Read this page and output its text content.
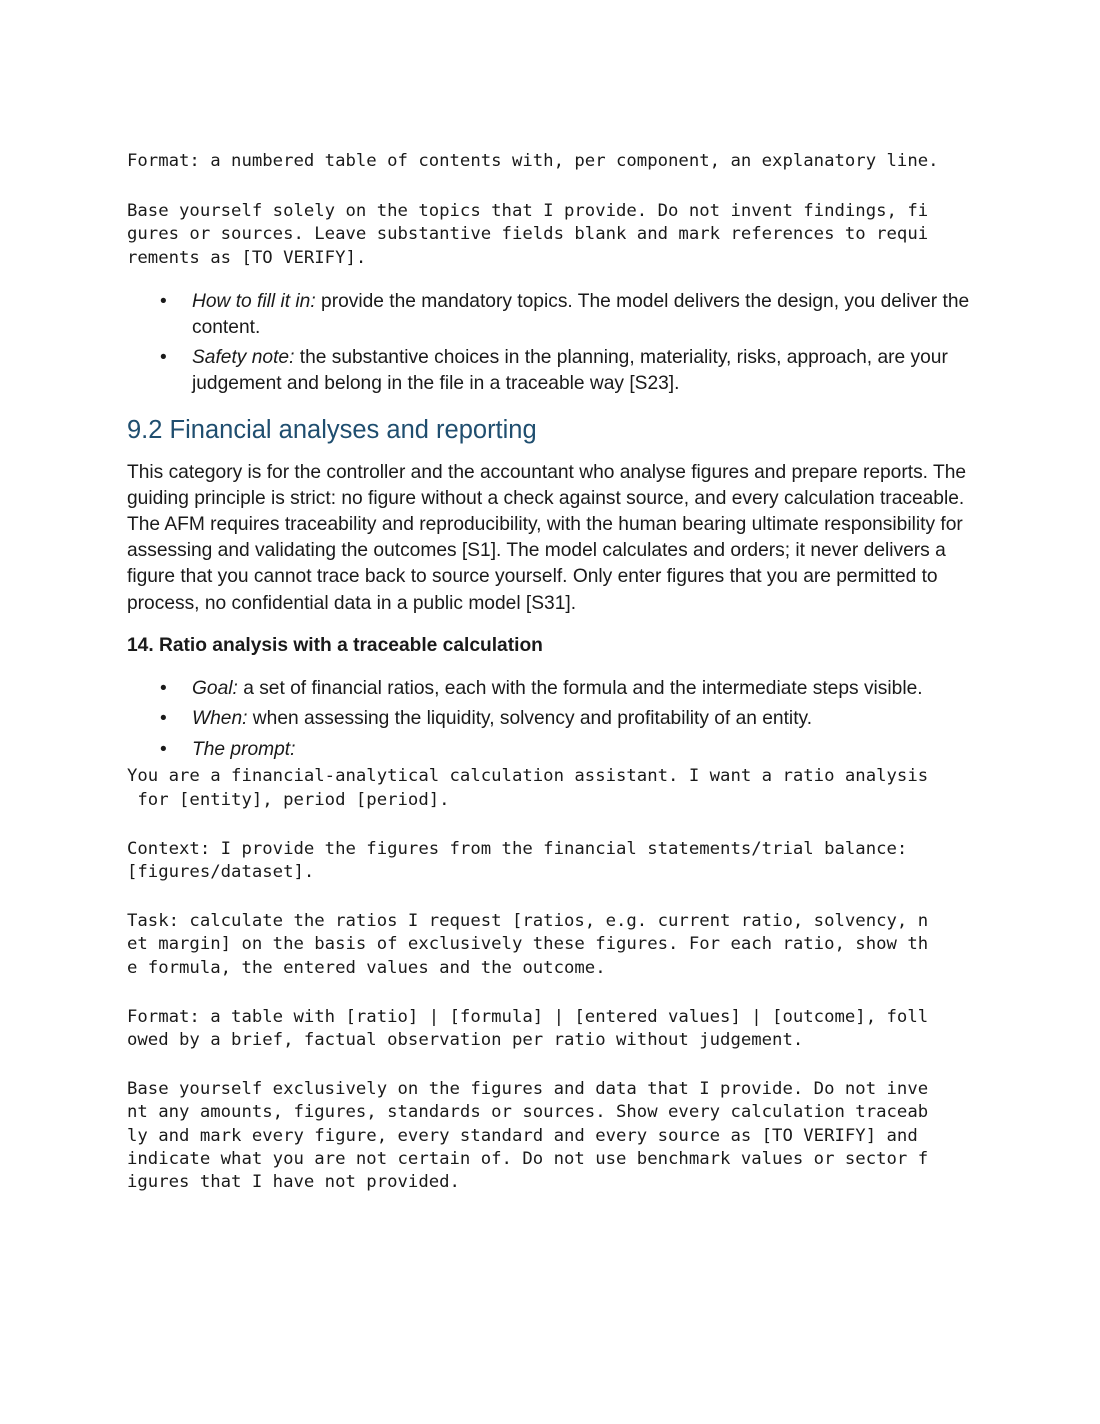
Format: a numbered table of contents with, per component, an explanatory line.

Base yourself solely on the topics that I provide. Do not invent findings, fi

gures or sources. Leave substantive fields blank and mark references to requi

rements as [TO VERIFY].

• How to fill it in: provide the mandatory topics. The model delivers the design, you deliver the content.
• Safety note: the substantive choices in the planning, materiality, risks, approach, are your judgement and belong in the file in a traceable way [S23].
9.2 Financial analyses and reporting

This category is for the controller and the accountant who analyse figures and prepare reports. The guiding principle is strict: no figure without a check against source, and every calculation traceable. The AFM requires traceability and reproducibility, with the human bearing ultimate responsibility for assessing and validating the outcomes [S1]. The model calculates and orders; it never delivers a figure that you cannot trace back to source yourself. Only enter figures that you are permitted to process, no confidential data in a public model [S31].

14. Ratio analysis with a traceable calculation

• Goal: a set of financial ratios, each with the formula and the intermediate steps visible.
• When: when assessing the liquidity, solvency and profitability of an entity.
• The prompt:

You are a financial-analytical calculation assistant. I want a ratio analysis

for [entity], period [period].

Context: I provide the figures from the financial statements/trial balance:

[figures/dataset].

Task: calculate the ratios I request [ratios, e.g. current ratio, solvency, n

et margin] on the basis of exclusively these figures. For each ratio, show th

e formula, the entered values and the outcome.

Format: a table with [ratio] | [formula] | [entered values] | [outcome], foll

owed by a brief, factual observation per ratio without judgement.

Base yourself exclusively on the figures and data that I provide. Do not inve

nt any amounts, figures, standards or sources. Show every calculation traceab

ly and mark every figure, every standard and every source as [TO VERIFY] and

indicate what you are not certain of. Do not use benchmark values or sector f

igures that I have not provided.
